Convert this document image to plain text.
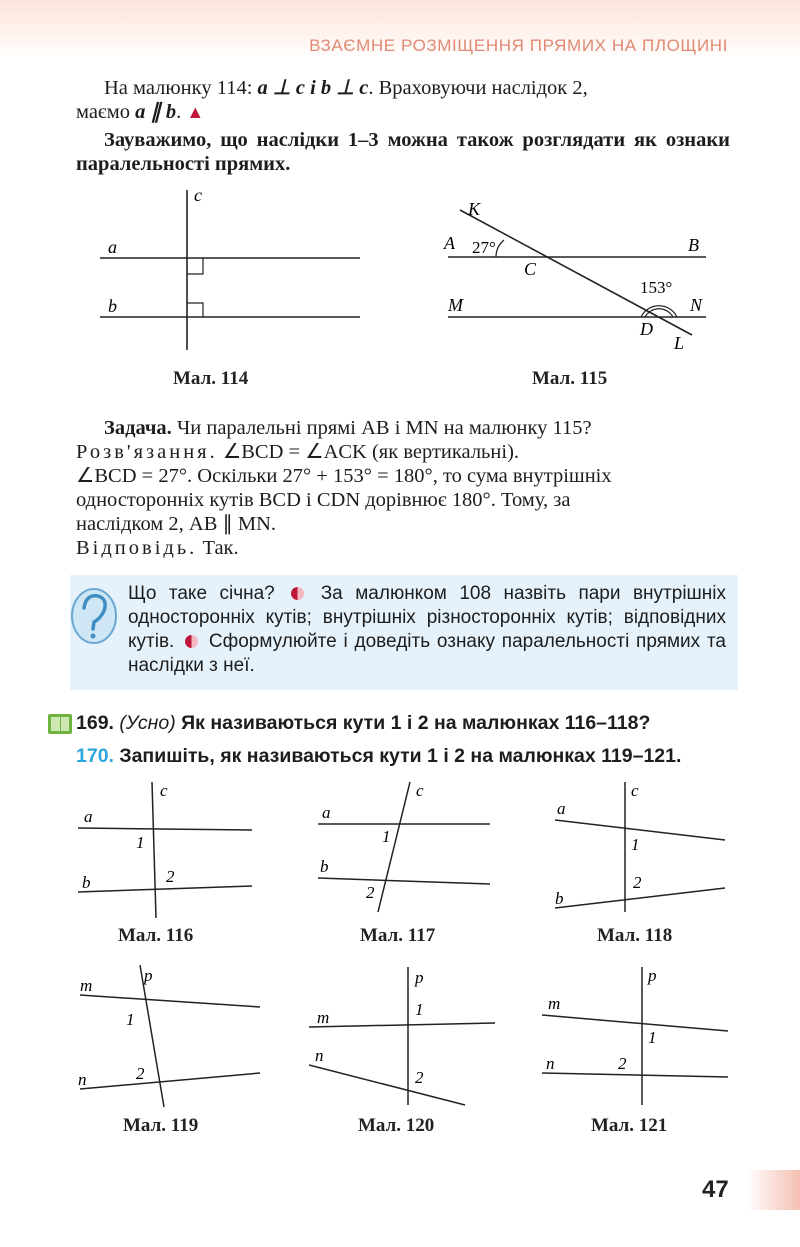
ВЗАЄМНЕ РОЗМІЩЕННЯ ПРЯМИХ НА ПЛОЩИНІ
На малюнку 114: a ⊥ c і b ⊥ c. Враховуючи наслідок 2,
маємо a ∥ b. ▲
Зауважимо, що наслідки 1–3 можна також розглядати як ознаки паралельності прямих.
c
a
b
Мал. 114
K
A 27°	B
C
153°
M	N
D
L
Мал. 115
Задача. Чи паралельні прямі AB і MN на малюнку 115?
Розв'язання. ∠BCD = ∠ACK (як вертикальні).

∠BCD = 27°. Оскільки 27° + 153° = 180°, то сума внутрішніх
односторонніх кутів BCD і CDN дорівнює 180°. Тому, за
наслідком 2, AB ∥ MN.
Відповідь. Так.
Що таке січна? За малюнком 108 назвіть пари внутрішніх односторонніх кутів; внутрішніх різносторонніх кутів; відповідних кутів. Сформулюйте і доведіть ознаку паралельності прямих та наслідки з неї.
169. (Усно) Як називаються кути 1 і 2 на малюнках 116–118?
170. Запишіть, як називаються кути 1 і 2 на малюнках 119–121.
c
a
b
1
2
Мал. 116
c
a
b
1
2
Мал. 117
c
a
b
1
2
Мал. 118
p
m
n
1
2
Мал. 119
p
m
n
1
2
Мал. 120
p
m
n
1
2
Мал. 121
47
